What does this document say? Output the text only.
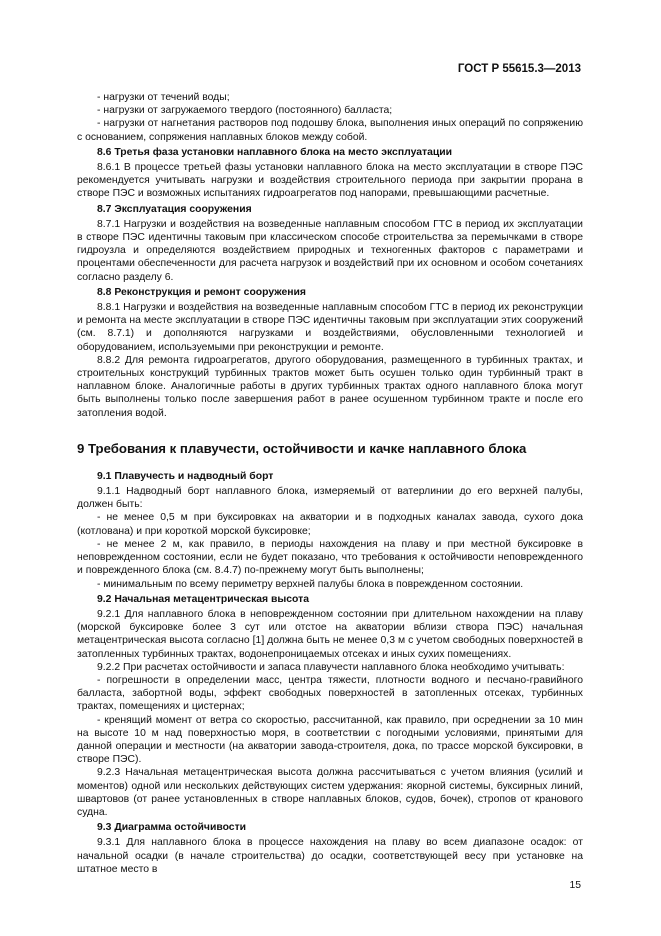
ГОСТ Р 55615.3—2013

- нагрузки от течений воды;

- нагрузки от загружаемого твердого (постоянного) балласта;

- нагрузки от нагнетания растворов под подошву блока, выполнения иных операций по сопряжению с основанием, сопряжения наплавных блоков между собой.

8.6 Третья фаза установки наплавного блока на место эксплуатации

8.6.1 В процессе третьей фазы установки наплавного блока на место эксплуатации в створе ПЭС рекомендуется учитывать нагрузки и воздействия строительного периода при закрытии прорана в створе ПЭС и возможных испытаниях гидроагрегатов под напорами, превышающими расчетные.

8.7 Эксплуатация сооружения

8.7.1 Нагрузки и воздействия на возведенные наплавным способом ГТС в период их эксплуатации в створе ПЭС идентичны таковым при классическом способе строительства за перемычками в створе гидроузла и определяются воздействием природных и техногенных факторов с параметрами и процентами обеспеченности для расчета нагрузок и воздействий при их основном и особом сочетаниях согласно разделу 6.

8.8 Реконструкция и ремонт сооружения

8.8.1 Нагрузки и воздействия на возведенные наплавным способом ГТС в период их реконструкции и ремонта на месте эксплуатации в створе ПЭС идентичны таковым при эксплуатации этих сооружений (см. 8.7.1) и дополняются нагрузками и воздействиями, обусловленными технологией и оборудованием, используемыми при реконструкции и ремонте.

8.8.2 Для ремонта гидроагрегатов, другого оборудования, размещенного в турбинных трактах, и строительных конструкций турбинных трактов может быть осушен только один турбинный тракт в наплавном блоке. Аналогичные работы в других турбинных трактах одного наплавного блока могут быть выполнены только после завершения работ в ранее осушенном турбинном тракте и после его затопления водой.

9 Требования к плавучести, остойчивости и качке наплавного блока

9.1 Плавучесть и надводный борт

9.1.1 Надводный борт наплавного блока, измеряемый от ватерлинии до его верхней палубы, должен быть:

- не менее 0,5 м при буксировках на акватории и в подходных каналах завода, сухого дока (котлована) и при короткой морской буксировке;

- не менее 2 м, как правило, в периоды нахождения на плаву и при местной буксировке в неповрежденном состоянии, если не будет показано, что требования к остойчивости неповрежденного и поврежденного блока (см. 8.4.7) по-прежнему могут быть выполнены;

- минимальным по всему периметру верхней палубы блока в поврежденном состоянии.

9.2 Начальная метацентрическая высота

9.2.1 Для наплавного блока в неповрежденном состоянии при длительном нахождении на плаву (морской буксировке более 3 сут или отстое на акватории вблизи створа ПЭС) начальная метацентрическая высота согласно [1] должна быть не менее 0,3 м с учетом свободных поверхностей в затопленных турбинных трактах, водонепроницаемых отсеках и иных сухих помещениях.

9.2.2 При расчетах остойчивости и запаса плавучести наплавного блока необходимо учитывать:

- погрешности в определении масс, центра тяжести, плотности водного и песчано-гравийного балласта, забортной воды, эффект свободных поверхностей в затопленных отсеках, турбинных трактах, помещениях и цистернах;

- кренящий момент от ветра со скоростью, рассчитанной, как правило, при осреднении за 10 мин на высоте 10 м над поверхностью моря, в соответствии с погодными условиями, принятыми для данной операции и местности (на акватории завода-строителя, дока, по трассе морской буксировки, в створе ПЭС).

9.2.3 Начальная метацентрическая высота должна рассчитываться с учетом влияния (усилий и моментов) одной или нескольких действующих систем удержания: якорной системы, буксирных линий, швартовов (от ранее установленных в створе наплавных блоков, судов, бочек), стропов от кранового судна.

9.3 Диаграмма остойчивости

9.3.1 Для наплавного блока в процессе нахождения на плаву во всем диапазоне осадок: от начальной осадки (в начале строительства) до осадки, соответствующей весу при установке на штатное место в

15
